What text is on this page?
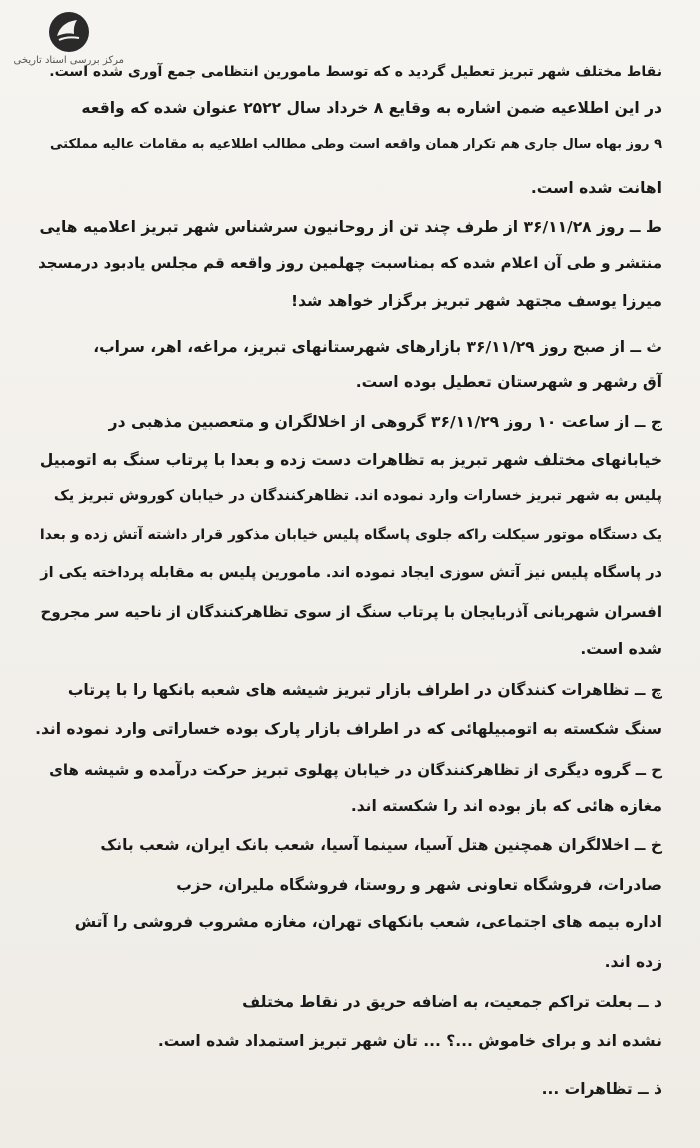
مرکز بررسی اسناد تاریخی
نقاط مختلف شهر تبریز تعطیل گردید ه که توسط مامورین انتظامی جمع آوری شده است.
در این اطلاعیه ضمن اشاره به وقایع ۸ خرداد سال ۲۵۲۲ عنوان شده که واقعه
۹ روز بهاه سال جاری هم تکرار همان واقعه است وطی مطالب اطلاعیه به مقامات عالیه مملکتی
اهانت شده است.
ط ــ روز ۳۶/۱۱/۲۸ از طرف چند تن از روحانیون سرشناس شهر تبریز اعلامیه هایی
منتشر و طی آن اعلام شده که بمناسبت چهلمین روز واقعه قم مجلس یادبود درمسجد
میرزا یوسف مجتهد شهر تبریز برگزار خواهد شد!
ث ــ از صبح روز ۳۶/۱۱/۲۹ بازارهای شهرستانهای تبریز، مراغه، اهر، سراب،
آق رشهر و شهرستان تعطیل بوده است.
ج ــ از ساعت ۱۰ روز ۳۶/۱۱/۲۹ گروهی از اخلالگران و متعصبین مذهبی در
خیابانهای مختلف شهر تبریز به تظاهرات دست زده و بعدا با پرتاب سنگ به اتومبیل
پلیس به شهر تبریز خسارات وارد نموده اند. تظاهرکنندگان در خیابان کوروش تبریز یک
یک دستگاه موتور سیکلت راکه جلوی پاسگاه پلیس خیابان مذکور قرار داشته آتش زده و بعدا
در پاسگاه پلیس نیز آتش سوزی ایجاد نموده اند. مامورین پلیس به مقابله پرداخته یکی از
افسران شهربانی آذربایجان با پرتاب سنگ از سوی تظاهرکنندگان از ناحیه سر مجروح
شده است.
چ ــ تظاهرات کنندگان در اطراف بازار تبریز شیشه های شعبه بانکها را با پرتاب
سنگ شکسته به اتومبیلهائی که در اطراف بازار پارک بوده خساراتی وارد نموده اند.
ح ــ گروه دیگری از تظاهرکنندگان در خیابان پهلوی تبریز حرکت درآمده و شیشه های
مغازه هائی که باز بوده اند را شکسته اند.
خ ــ اخلالگران همچنین هتل آسیا، سینما آسیا، شعب بانک ایران، شعب بانک
صادرات، فروشگاه تعاونی شهر و روستا، فروشگاه ملیران، حزب
اداره بیمه های اجتماعی، شعب بانکهای تهران، مغازه مشروب فروشی را آتش
زده اند.
د ــ بعلت تراکم جمعیت، به اضافه حریق در نقاط مختلف
نشده اند و برای خاموش ...؟ ... تان شهر تبریز استمداد شده است.
ذ ــ تظاهرات ...
